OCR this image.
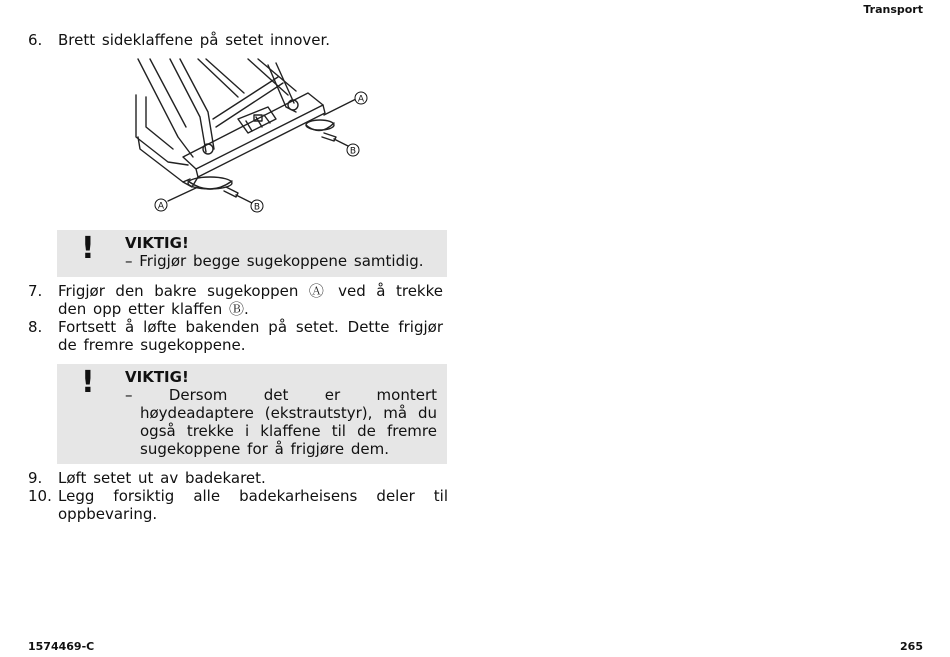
Transport
6. Brett sideklaffene på setet innover.
A
B
A	B
! VIKTIG!
– Frigjør begge sugekoppene samtidig.
7. Frigjør den bakre sugekoppen Ⓐ ved å trekke den opp etter klaffen Ⓑ.
8. Fortsett å løfte bakenden på setet. Dette frigjør de fremre sugekoppene.
! VIKTIG!
– Dersom det er montert høydeadaptere (ekstrautstyr), må du også trekke i klaffene til de fremre sugekoppene for å frigjøre dem.
9. Løft setet ut av badekaret.
10. Legg forsiktig alle badekarheisens deler til oppbevaring.
1574469-C	265
